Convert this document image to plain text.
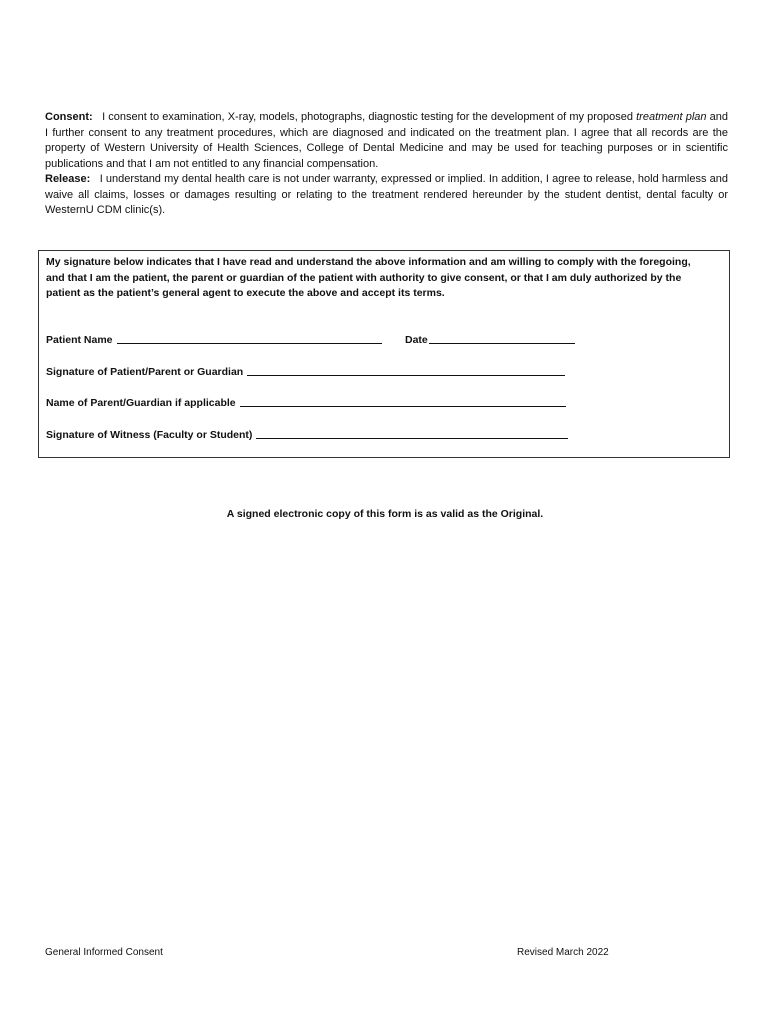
Consent: I consent to examination, X-ray, models, photographs, diagnostic testing for the development of my proposed treatment plan and I further consent to any treatment procedures, which are diagnosed and indicated on the treatment plan. I agree that all records are the property of Western University of Health Sciences, College of Dental Medicine and may be used for teaching purposes or in scientific publications and that I am not entitled to any financial compensation.
Release: I understand my dental health care is not under warranty, expressed or implied. In addition, I agree to release, hold harmless and waive all claims, losses or damages resulting or relating to the treatment rendered hereunder by the student dentist, dental faculty or WesternU CDM clinic(s).
My signature below indicates that I have read and understand the above information and am willing to comply with the foregoing, and that I am the patient, the parent or guardian of the patient with authority to give consent, or that I am duly authorized by the patient as the patient’s general agent to execute the above and accept its terms.
Patient Name	Date
Signature of Patient/Parent or Guardian
Name of Parent/Guardian if applicable
Signature of Witness (Faculty or Student)
A signed electronic copy of this form is as valid as the Original.
General Informed Consent	Revised March 2022
